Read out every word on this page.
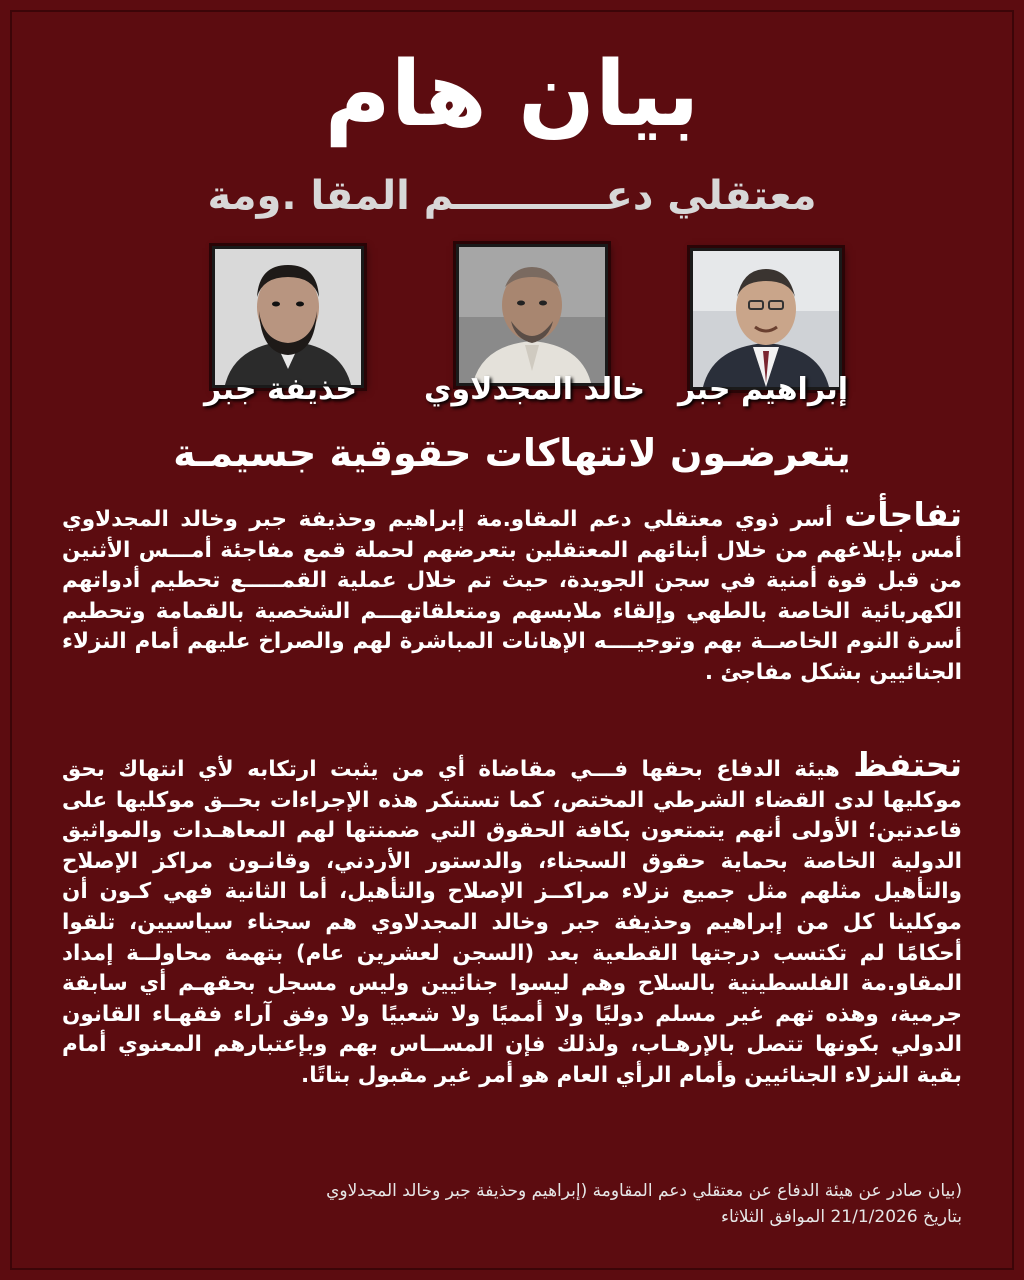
بيان هام
معتقلي دعـــــــــــم المقا .ومة
إبراهيم جبر
خالد المجدلاوي
حذيفة جبر
يتعرضـون لانتهاكات حقوقية جسيمـة

تفاجأت أسر ذوي معتقلي دعم المقاو.مة إبراهيم وحذيفة جبر وخالد المجدلاوي أمس بإبلاغهم من خلال أبنائهم المعتقلين بتعرضهم لحملة قمع مفاجئة أمـــس الأثنين من قبل قوة أمنية في سجن الجويدة، حيث تم خلال عملية القمـــــع تحطيم أدواتهم الكهربائية الخاصة بالطهي وإلقاء ملابسهم ومتعلقاتهـــم الشخصية بالقمامة وتحطيم أسرة النوم الخاصــة بهم وتوجيــــه الإهانات المباشرة لهم والصراخ عليهم أمام النزلاء الجنائيين بشكل مفاجئ .

تحتفظ هيئة الدفاع بحقها فـــي مقاضاة أي من يثبت ارتكابه لأي انتهاك بحق موكليها لدى القضاء الشرطي المختص، كما تستنكر هذه الإجراءات بحــق موكليها على قاعدتين؛ الأولى أنهم يتمتعون بكافة الحقوق التي ضمنتها لهم المعاهـدات والمواثيق الدولية الخاصة بحماية حقوق السجناء، والدستور الأردني، وقانـون مراكز الإصلاح والتأهيل مثلهم مثل جميع نزلاء مراكــز الإصلاح والتأهيل، أما الثانية فهي كـون أن موكلينا كل من إبراهيم وحذيفة جبر وخالد المجدلاوي هم سجناء سياسيين، تلقوا أحكامًا لم تكتسب درجتها القطعية بعد (السجن لعشرين عام) بتهمة محاولــة إمداد المقاو.مة الفلسطينية بالسلاح وهم ليسوا جنائيين وليس مسجل بحقهـم أي سابقة جرمية، وهذه تهم غير مسلم دوليًا ولا أمميًا ولا شعبيًا ولا وفق آراء فقهـاء القانون الدولي بكونها تتصل بالإرهـاب، ولذلك فإن المســاس بهم وبإعتبارهم المعنوي أمام بقية النزلاء الجنائيين وأمام الرأي العام هو أمر غير مقبول بتاتًا.

(بيان صادر عن هيئة الدفاع عن معتقلي دعم المقاومة (إبراهيم وحذيفة جبر وخالد المجدلاوي
بتاريخ 21/1/2026 الموافق الثلاثاء
